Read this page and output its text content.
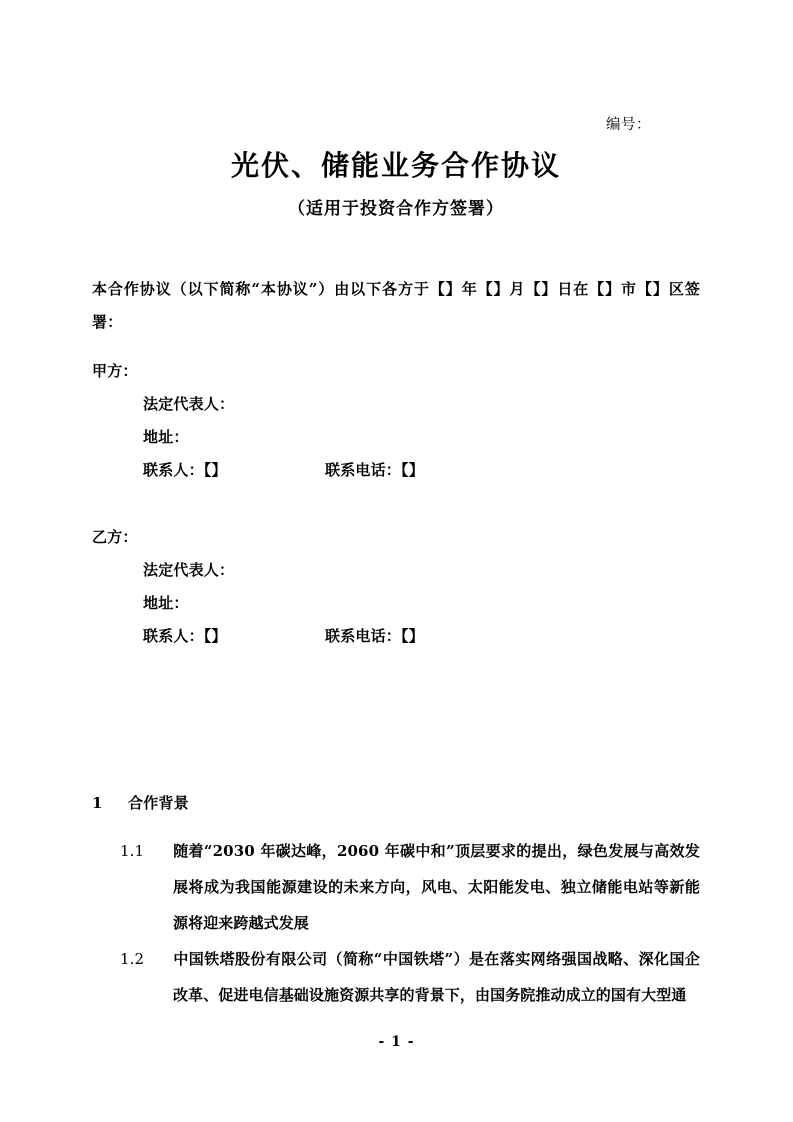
编号：
光伏、储能业务合作协议
（适用于投资合作方签署）
本合作协议（以下简称“本协议”）由以下各方于【】年【】月【】日在【】市【】区签署：
甲方：
法定代表人：
地址：
联系人：【】	联系电话：【】
乙方：
法定代表人：
地址：
联系人：【】	联系电话：【】
1 合作背景
1.1 随着“2030 年碳达峰，2060 年碳中和”顶层要求的提出，绿色发展与高效发展将成为我国能源建设的未来方向，风电、太阳能发电、独立储能电站等新能源将迎来跨越式发展
1.2 中国铁塔股份有限公司（简称“中国铁塔”）是在落实网络强国战略、深化国企改革、促进电信基础设施资源共享的背景下，由国务院推动成立的国有大型通
- 1 -
